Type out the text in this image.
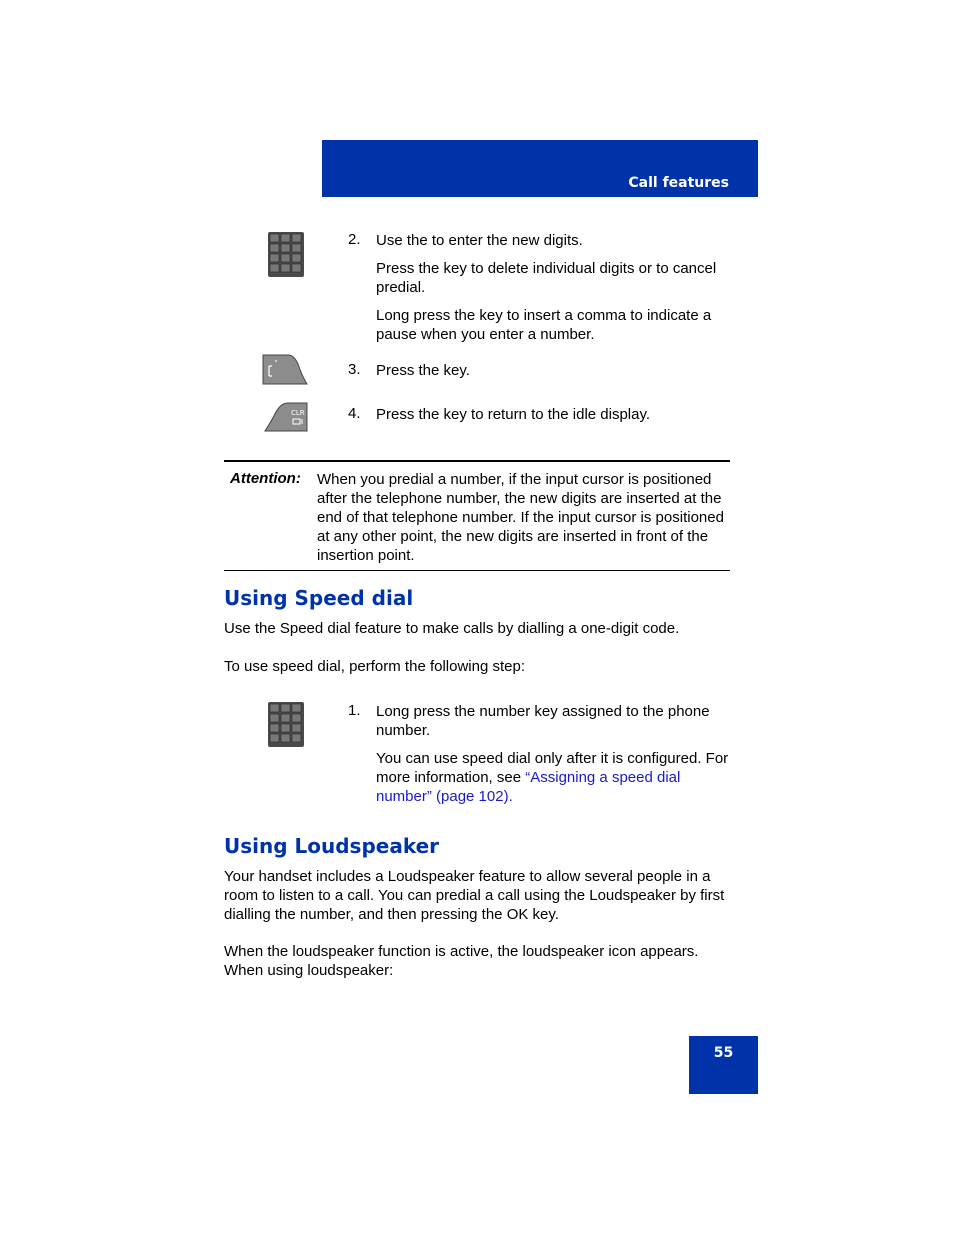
Call features
2. Use the to enter the new digits.
Press the key to delete individual digits or to cancel predial.
Long press the key to insert a comma to indicate a pause when you enter a number.
3. Press the key.
CLR	4. Press the key to return to the idle display.
Attention: When you predial a number, if the input cursor is positioned after the telephone number, the new digits are inserted at the end of that telephone number. If the input cursor is positioned at any other point, the new digits are inserted in front of the insertion point.
Using Speed dial
Use the Speed dial feature to make calls by dialling a one-digit code.
To use speed dial, perform the following step:
1. Long press the number key assigned to the phone number.
You can use speed dial only after it is configured. For more information, see “Assigning a speed dial number” (page 102).
Using Loudspeaker
Your handset includes a Loudspeaker feature to allow several people in a room to listen to a call. You can predial a call using the Loudspeaker by first dialling the number, and then pressing the OK key.
When the loudspeaker function is active, the loudspeaker icon appears. When using loudspeaker:
55
